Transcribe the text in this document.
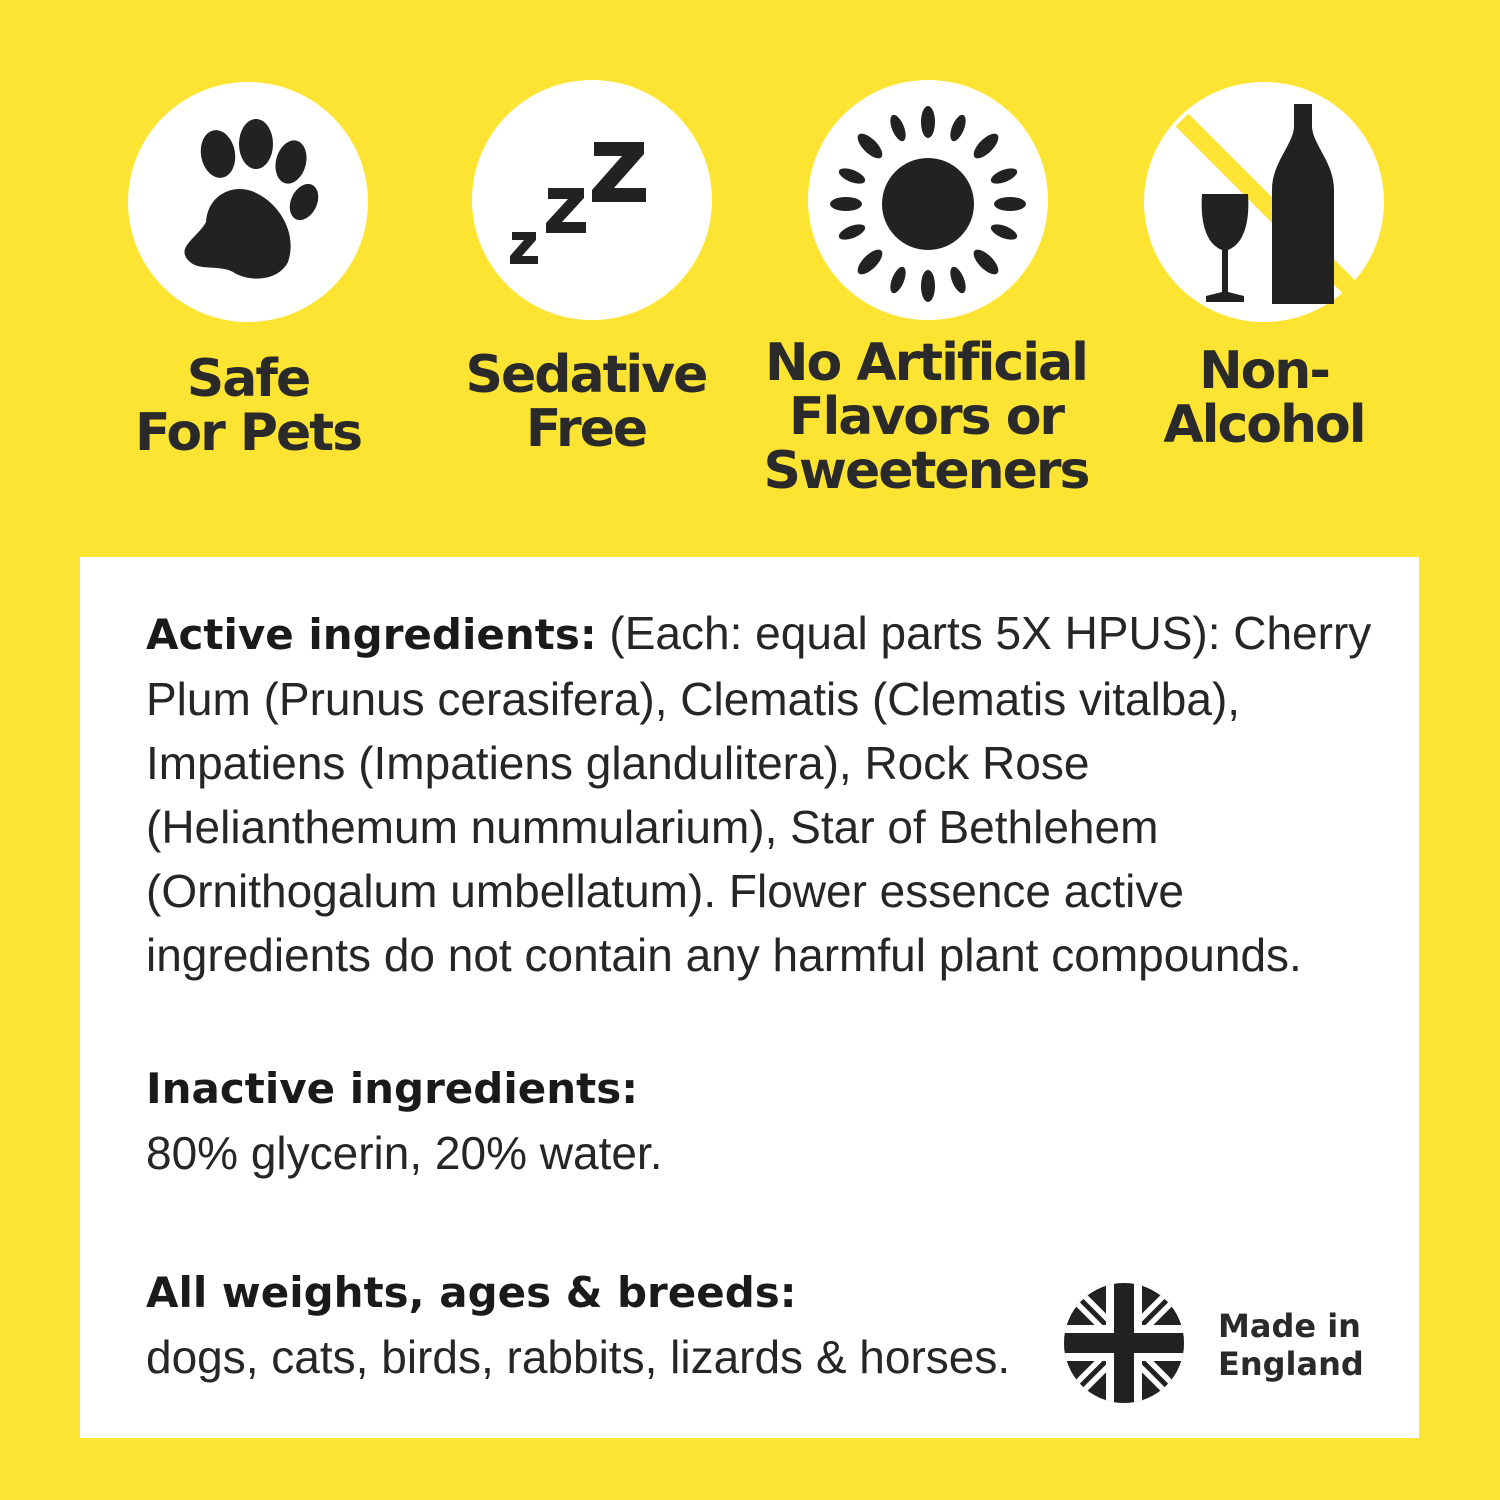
Safe
For Pets
Sedative
Free
No Artificial
Flavors or
Sweeteners
Non-
Alcohol
Active ingredients: (Each: equal parts 5X HPUS): Cherry Plum (Prunus cerasifera), Clematis (Clematis vitalba), Impatiens (Impatiens glandulitera), Rock Rose (Helianthemum nummularium), Star of Bethlehem (Ornithogalum umbellatum). Flower essence active ingredients do not contain any harmful plant compounds.
Inactive ingredients:
80% glycerin, 20% water.
All weights, ages & breeds:
dogs, cats, birds, rabbits, lizards & horses.
Made in
England
